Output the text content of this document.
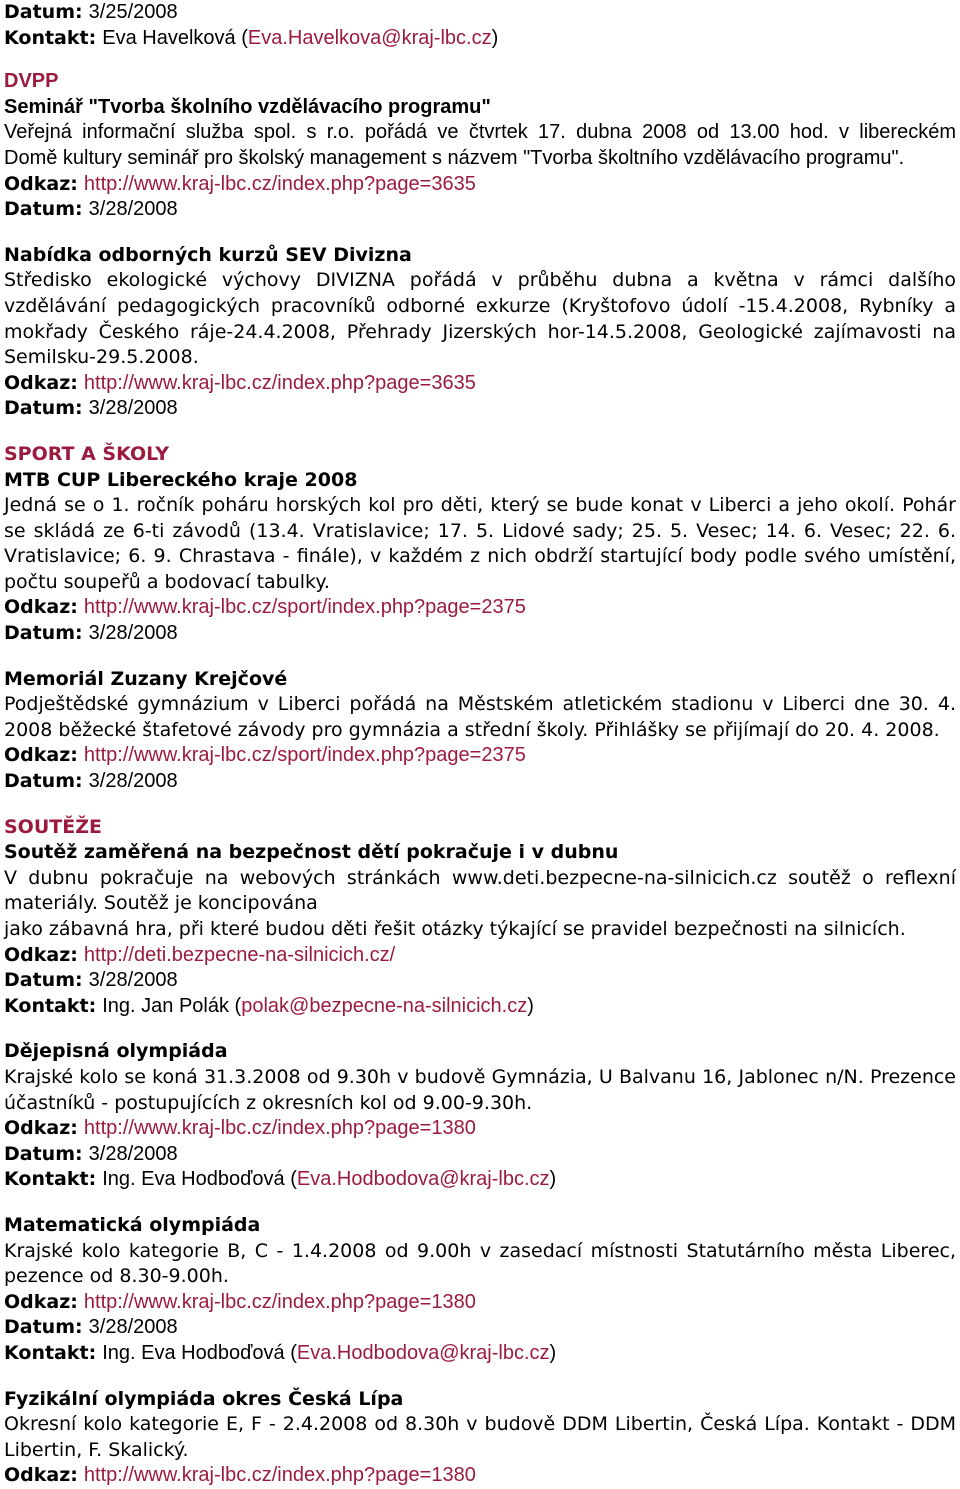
Datum: 3/25/2008
Kontakt: Eva Havelková (Eva.Havelkova@kraj-lbc.cz)
DVPP
Seminář "Tvorba školního vzdělávacího programu"
Veřejná informační služba spol. s r.o. pořádá ve čtvrtek 17. dubna 2008 od 13.00 hod. v libereckém
Domě kultury seminář pro školský management s názvem "Tvorba školtního vzdělávacího programu".
Odkaz: http://www.kraj-lbc.cz/index.php?page=3635
Datum: 3/28/2008
Nabídka odborných kurzů SEV Divizna
Středisko ekologické výchovy DIVIZNA pořádá v průběhu dubna a května v rámci dalšího vzdělávání pedagogických pracovníků odborné exkurze (Kryštofovo údolí -15.4.2008, Rybníky a mokřady Českého ráje-24.4.2008, Přehrady Jizerských hor-14.5.2008, Geologické zajímavosti na Semilsku-29.5.2008.
Odkaz: http://www.kraj-lbc.cz/index.php?page=3635
Datum: 3/28/2008
SPORT A ŠKOLY
MTB CUP Libereckého kraje 2008
Jedná se o 1. ročník poháru horských kol pro děti, který se bude konat v Liberci a jeho okolí. Pohár se skládá ze 6-ti závodů (13.4. Vratislavice; 17. 5. Lidové sady; 25. 5. Vesec; 14. 6. Vesec; 22. 6. Vratislavice; 6. 9. Chrastava - finále), v každém z nich obdrží startující body podle svého umístění, počtu soupeřů a bodovací tabulky.
Odkaz: http://www.kraj-lbc.cz/sport/index.php?page=2375
Datum: 3/28/2008
Memoriál Zuzany Krejčové
Podještědské gymnázium v Liberci pořádá na Městském atletickém stadionu v Liberci dne 30. 4. 2008 běžecké štafetové závody pro gymnázia a střední školy. Přihlášky se přijímají do 20. 4. 2008.
Odkaz: http://www.kraj-lbc.cz/sport/index.php?page=2375
Datum: 3/28/2008
SOUTĚŽE
Soutěž zaměřená na bezpečnost dětí pokračuje i v dubnu
V dubnu pokračuje na webových stránkách www.deti.bezpecne-na-silnicich.cz soutěž o reflexní materiály. Soutěž je koncipována
jako zábavná hra, při které budou děti řešit otázky týkající se pravidel bezpečnosti na silnicích.
Odkaz: http://deti.bezpecne-na-silnicich.cz/
Datum: 3/28/2008
Kontakt: Ing. Jan Polák (polak@bezpecne-na-silnicich.cz)
Dějepisná olympiáda
Krajské kolo se koná 31.3.2008 od 9.30h v budově Gymnázia, U Balvanu 16, Jablonec n/N. Prezence účastníků - postupujících z okresních kol od 9.00-9.30h.
Odkaz: http://www.kraj-lbc.cz/index.php?page=1380
Datum: 3/28/2008
Kontakt: Ing. Eva Hodboďová (Eva.Hodbodova@kraj-lbc.cz)
Matematická olympiáda
Krajské kolo kategorie B, C - 1.4.2008 od 9.00h v zasedací místnosti Statutárního města Liberec, pezence od 8.30-9.00h.
Odkaz: http://www.kraj-lbc.cz/index.php?page=1380
Datum: 3/28/2008
Kontakt: Ing. Eva Hodboďová (Eva.Hodbodova@kraj-lbc.cz)
Fyzikální olympiáda okres Česká Lípa
Okresní kolo kategorie E, F - 2.4.2008 od 8.30h v budově DDM Libertin, Česká Lípa. Kontakt - DDM Libertin, F. Skalický.
Odkaz: http://www.kraj-lbc.cz/index.php?page=1380
